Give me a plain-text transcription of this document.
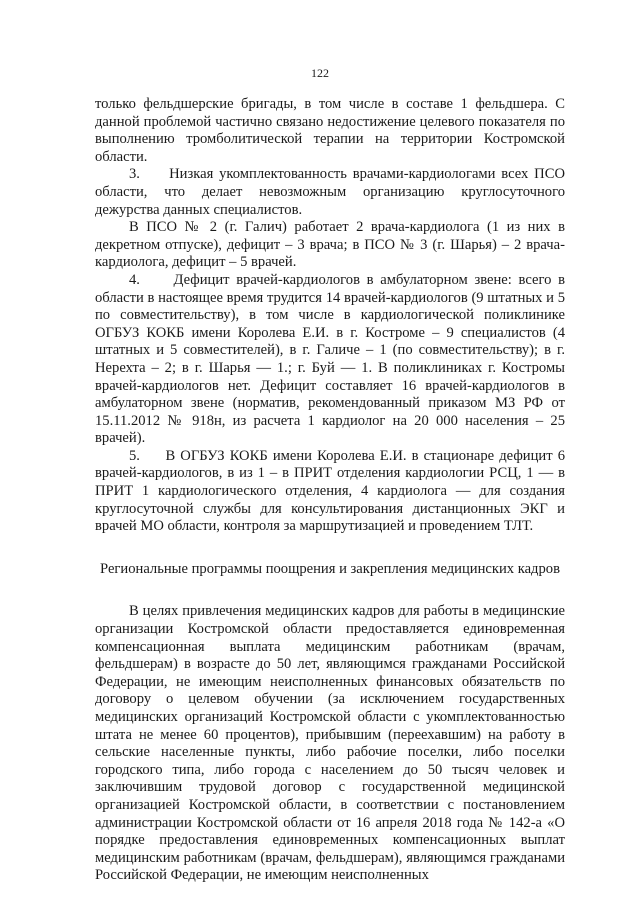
122

только фельдшерские бригады, в том числе в составе 1 фельдшера. С данной проблемой частично связано недостижение целевого показателя по выполнению тромболитической терапии на территории Костромской области.

3.     Низкая укомплектованность врачами-кардиологами всех ПСО области, что делает невозможным организацию круглосуточного дежурства данных специалистов.

В ПСО № 2 (г. Галич) работает 2 врача-кардиолога (1 из них в декретном отпуске), дефицит – 3 врача; в ПСО № 3 (г. Шарья) – 2 врача-кардиолога, дефицит – 5 врачей.

4.     Дефицит врачей-кардиологов в амбулаторном звене: всего в области в настоящее время трудится 14 врачей-кардиологов (9 штатных и 5 по совместительству), в том числе в кардиологической поликлинике ОГБУЗ КОКБ имени Королева Е.И. в г. Костроме – 9 специалистов (4 штатных и 5 совместителей), в г. Галиче – 1 (по совместительству); в г. Нерехта – 2; в г. Шарья — 1.; г. Буй — 1. В поликлиниках г. Костромы врачей-кардиологов нет. Дефицит составляет 16 врачей-кардиологов в амбулаторном звене (норматив, рекомендованный приказом МЗ РФ от 15.11.2012 № 918н, из расчета 1 кардиолог на 20 000 населения – 25 врачей).

5.     В ОГБУЗ КОКБ имени Королева Е.И. в стационаре дефицит 6 врачей-кардиологов, в из 1 – в ПРИТ отделения кардиологии РСЦ, 1 — в ПРИТ 1 кардиологического отделения, 4 кардиолога — для создания круглосуточной службы для консультирования дистанционных ЭКГ и врачей МО области, контроля за маршрутизацией и проведением ТЛТ.

Региональные программы поощрения и закрепления медицинских кадров

В целях привлечения медицинских кадров для работы в медицинские организации Костромской области предоставляется единовременная компенсационная выплата медицинским работникам (врачам, фельдшерам) в возрасте до 50 лет, являющимся гражданами Российской Федерации, не имеющим неисполненных финансовых обязательств по договору о целевом обучении (за исключением государственных медицинских организаций Костромской области с укомплектованностью штата не менее 60 процентов), прибывшим (переехавшим) на работу в сельские населенные пункты, либо рабочие поселки, либо поселки городского типа, либо города с населением до 50 тысяч человек и заключившим трудовой договор с государственной медицинской организацией Костромской области, в соответствии с постановлением администрации Костромской области от 16 апреля 2018 года № 142-а «О порядке предоставления единовременных компенсационных выплат медицинским работникам (врачам, фельдшерам), являющимся гражданами Российской Федерации, не имеющим неисполненных
